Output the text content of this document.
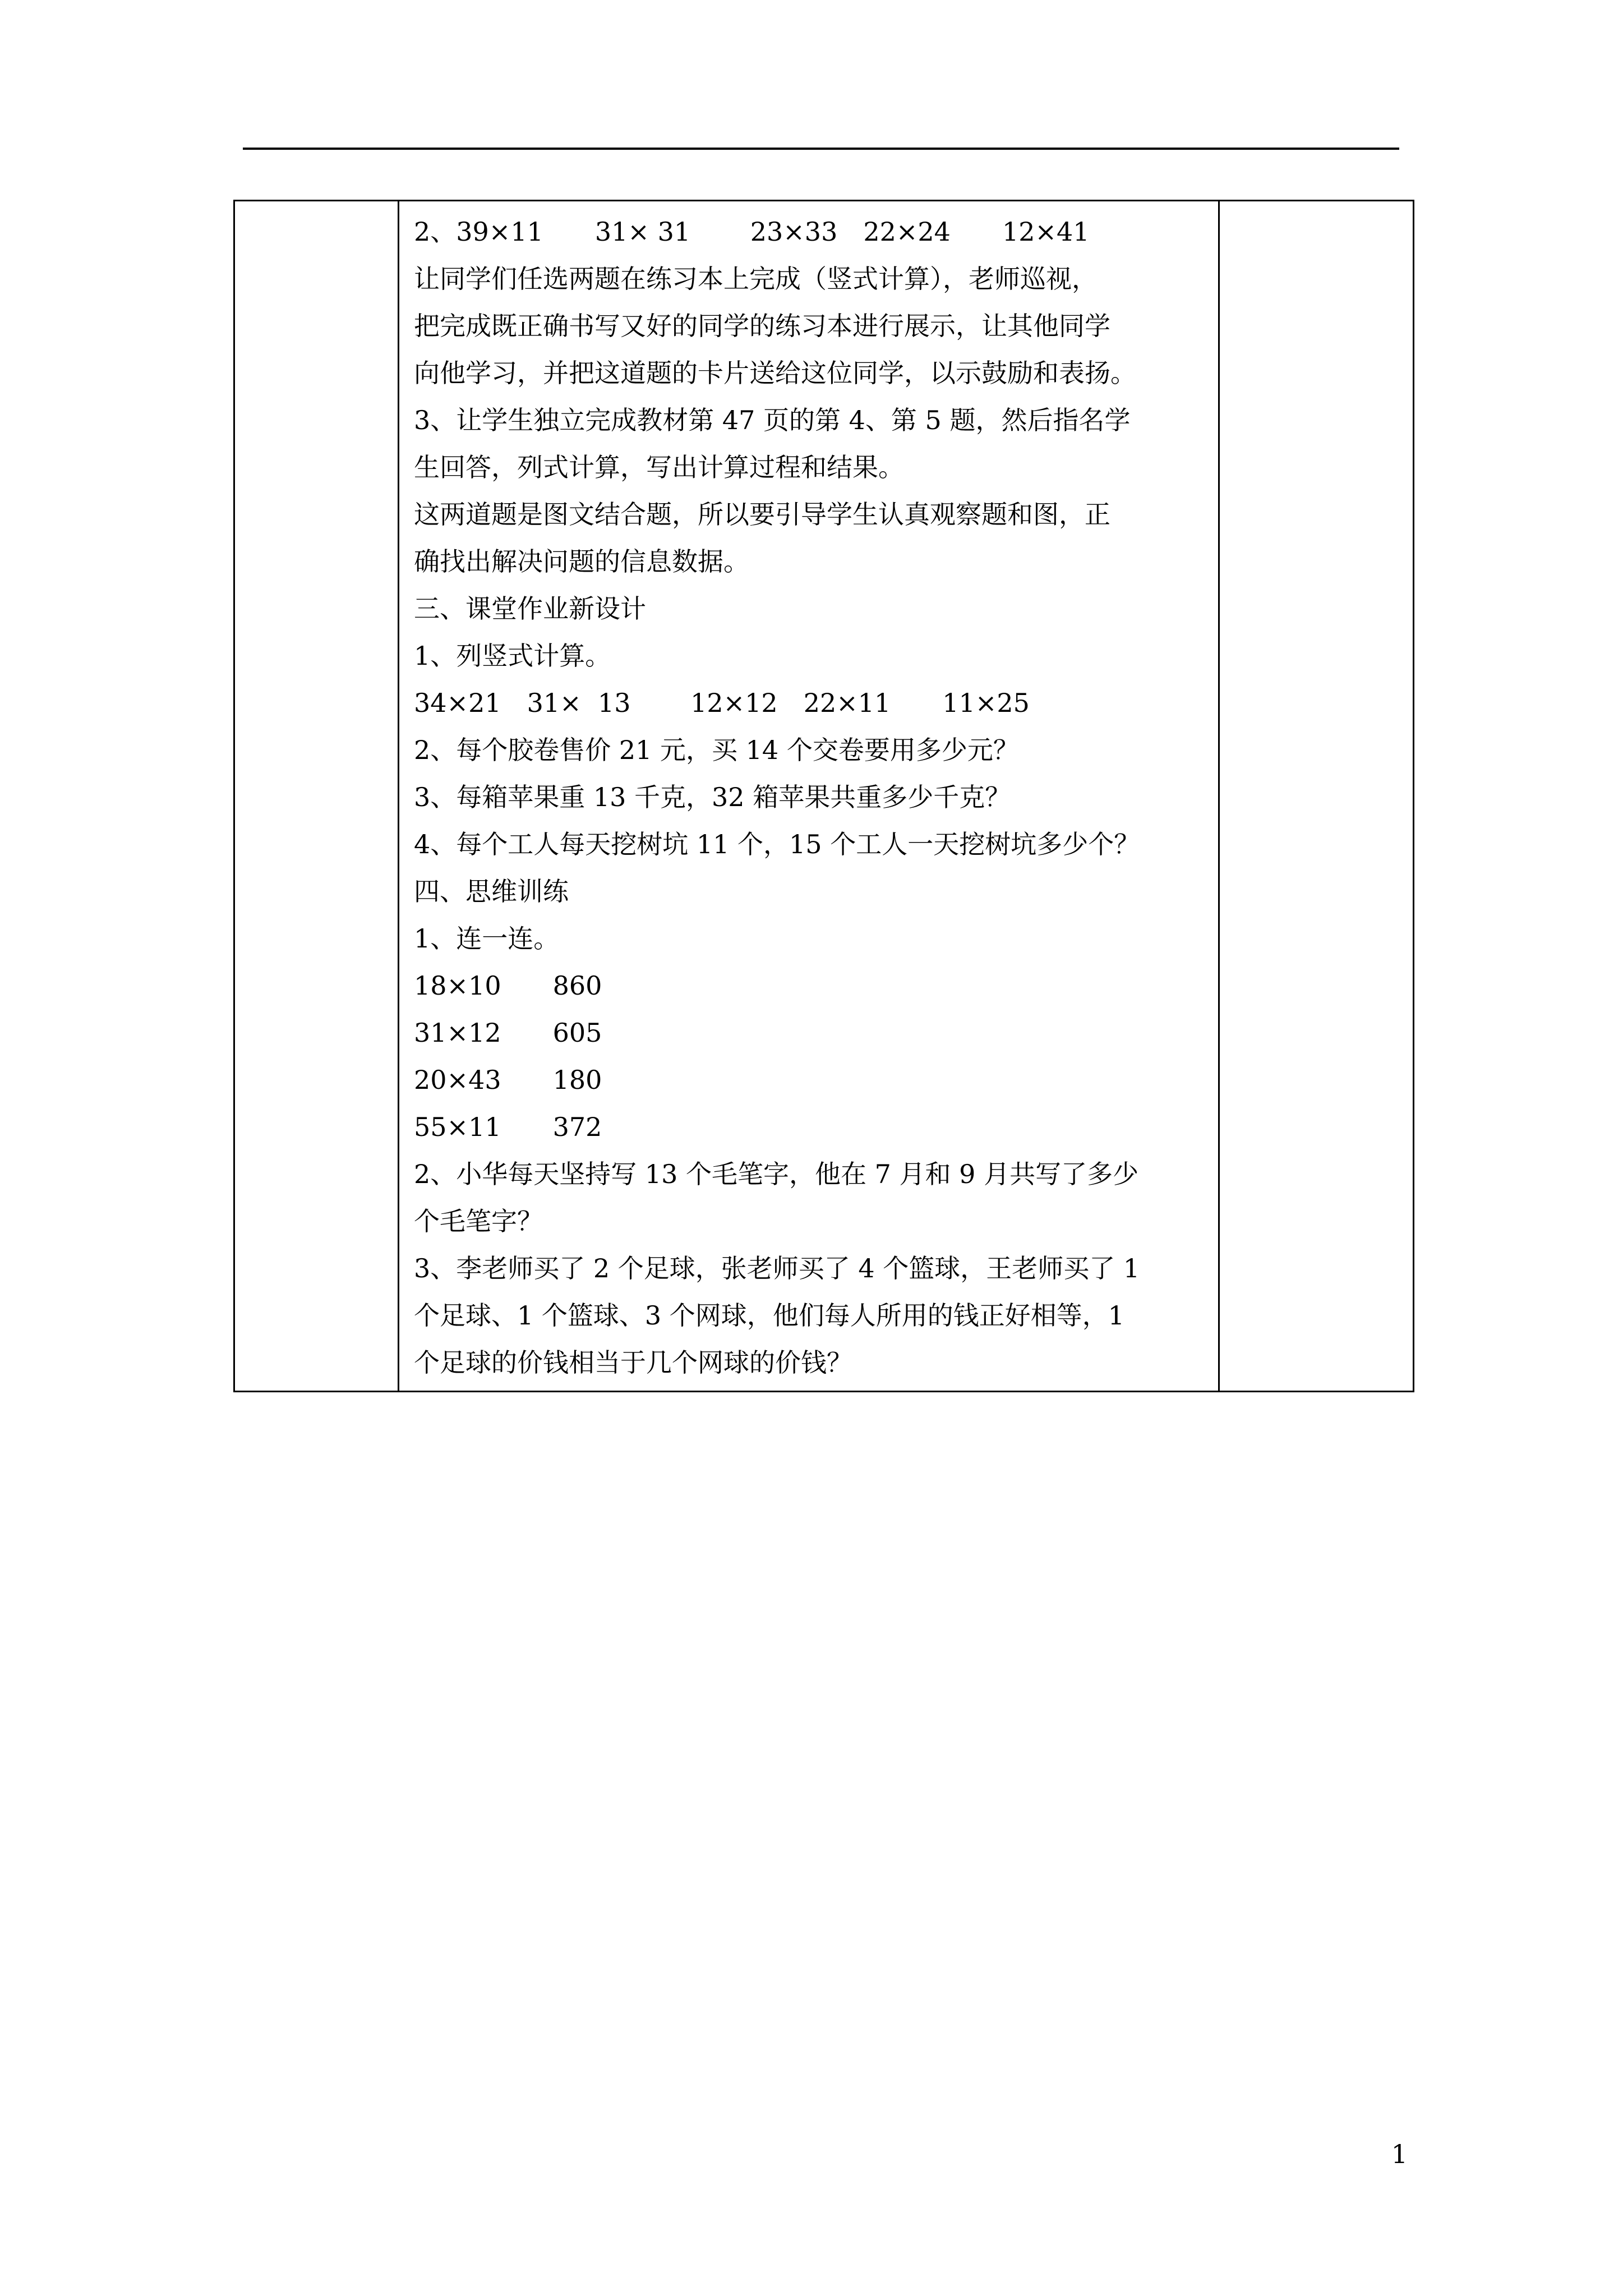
2、39×11　　31× 31　　 23×33　22×24　　12×41
让同学们任选两题在练习本上完成（竖式计算），老师巡视，
把完成既正确书写又好的同学的练习本进行展示，让其他同学
向他学习，并把这道题的卡片送给这位同学，以示鼓励和表扬。
3、让学生独立完成教材第 47 页的第 4、第 5 题，然后指名学
生回答，列式计算，写出计算过程和结果。
这两道题是图文结合题，所以要引导学生认真观察题和图，正
确找出解决问题的信息数据。
三、课堂作业新设计
1、列竖式计算。
34×21　31×  13　　 12×12　22×11　　11×25
2、每个胶卷售价 21 元，买 14 个交卷要用多少元？
3、每箱苹果重 13 千克，32 箱苹果共重多少千克？
4、每个工人每天挖树坑 11 个，15 个工人一天挖树坑多少个？
四、思维训练
1、连一连。
18×10　　860
31×12　　605
20×43　　180
55×11　　372
2、小华每天坚持写 13 个毛笔字，他在 7 月和 9 月共写了多少
个毛笔字？
3、李老师买了 2 个足球，张老师买了 4 个篮球，王老师买了 1
个足球、1 个篮球、3 个网球，他们每人所用的钱正好相等，1
个足球的价钱相当于几个网球的价钱？

1
